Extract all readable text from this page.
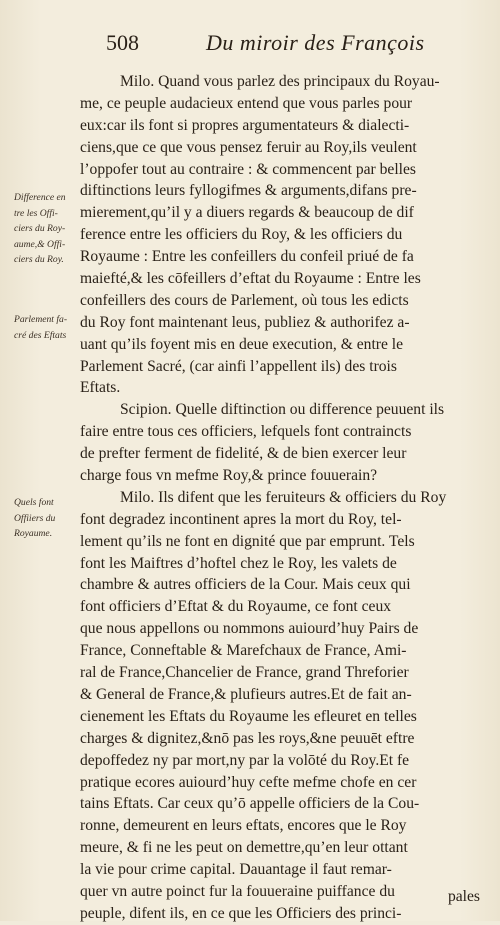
508	Du miroir des François
Milo. Quand vous parlez des principaux du Royau-
me, ce peuple audacieux entend que vous parles pour
eux:car ils font si propres argumentateurs & dialecti-
ciens,que ce que vous pensez feruir au Roy,ils veulent
l’oppofer tout au contraire : & commencent par belles
diftinctions leurs fyllogifmes & arguments,difans pre-
mierement,qu’il y a diuers regards & beaucoup de dif
ference entre les officiers du Roy, & les officiers du
Royaume : Entre les confeillers du confeil priué de fa
maiefté,& les cōfeillers d’eftat du Royaume : Entre les
confeillers des cours de Parlement, où tous les edicts
du Roy font maintenant leus, publiez & authorifez a-
uant qu’ils foyent mis en deue execution, & entre le
Parlement Sacré, (car ainfi l’appellent ils) des trois
Eftats.
Scipion. Quelle diftinction ou difference peuuent ils
faire entre tous ces officiers, lefquels font contraincts
de prefter ferment de fidelité, & de bien exercer leur
charge fous vn mefme Roy,& prince fouuerain?
Milo. Ils difent que les feruiteurs & officiers du Roy
font degradez incontinent apres la mort du Roy, tel-
lement qu’ils ne font en dignité que par emprunt. Tels
font les Maiftres d’hoftel chez le Roy, les valets de
chambre & autres officiers de la Cour. Mais ceux qui
font officiers d’Eftat & du Royaume, ce font ceux
que nous appellons ou nommons auiourd’huy Pairs de
France, Conneftable & Marefchaux de France, Ami-
ral de France,Chancelier de France, grand Threforier
& General de France,& plufieurs autres.Et de fait an-
cienement les Eftats du Royaume les efleuret en telles
charges & dignitez,&nō pas les roys,&ne peuuēt eftre
depoffedez ny par mort,ny par la volōté du Roy.Et fe
pratique ecores auiourd’huy cefte mefme chofe en cer
tains Eftats. Car ceux qu’ō appelle officiers de la Cou-
ronne, demeurent en leurs eftats, encores que le Roy
meure, & fi ne les peut on demettre,qu’en leur ottant
la vie pour crime capital. Dauantage il faut remar-
quer vn autre poinct fur la fouueraine puiffance du
peuple, difent ils, en ce que les Officiers des princi-
Difference en
tre les Offi-
ciers du Roy-
aume,& Offi-
ciers du Roy.
Parlement fa-
cré des Eftats
Quels font
Offiiers du
Royaume.
pales
